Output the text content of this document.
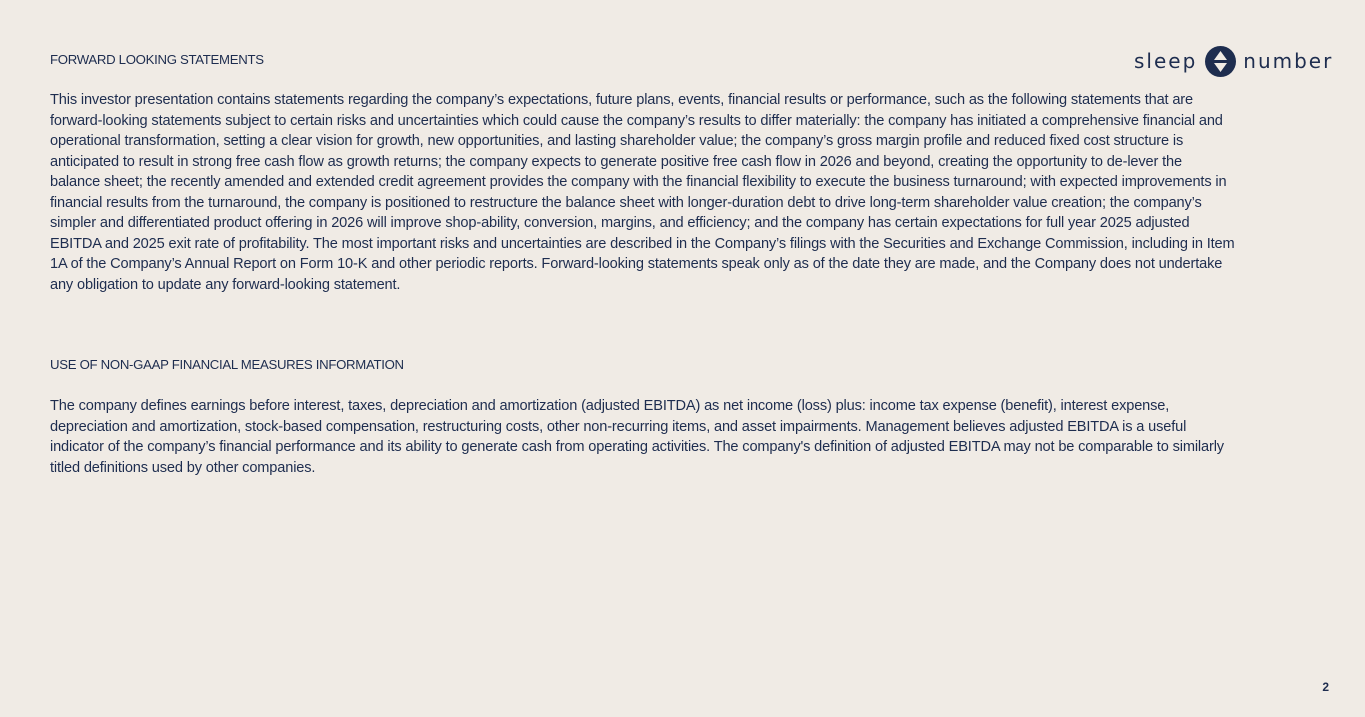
sleep number
FORWARD LOOKING STATEMENTS

This investor presentation contains statements regarding the company’s expectations, future plans, events, financial results or performance, such as the following statements that are forward-looking statements subject to certain risks and uncertainties which could cause the company’s results to differ materially: the company has initiated a comprehensive financial and operational transformation, setting a clear vision for growth, new opportunities, and lasting shareholder value; the company’s gross margin profile and reduced fixed cost structure is anticipated to result in strong free cash flow as growth returns; the company expects to generate positive free cash flow in 2026 and beyond, creating the opportunity to de-lever the balance sheet; the recently amended and extended credit agreement provides the company with the financial flexibility to execute the business turnaround; with expected improvements in financial results from the turnaround, the company is positioned to restructure the balance sheet with longer-duration debt to drive long-term shareholder value creation; the company’s simpler and differentiated product offering in 2026 will improve shop-ability, conversion, margins, and efficiency; and the company has certain expectations for full year 2025 adjusted EBITDA and 2025 exit rate of profitability. The most important risks and uncertainties are described in the Company’s filings with the Securities and Exchange Commission, including in Item 1A of the Company’s Annual Report on Form 10-K and other periodic reports. Forward-looking statements speak only as of the date they are made, and the Company does not undertake any obligation to update any forward-looking statement.

USE OF NON-GAAP FINANCIAL MEASURES INFORMATION

The company defines earnings before interest, taxes, depreciation and amortization (adjusted EBITDA) as net income (loss) plus: income tax expense (benefit), interest expense, depreciation and amortization, stock-based compensation, restructuring costs, other non-recurring items, and asset impairments. Management believes adjusted EBITDA is a useful indicator of the company’s financial performance and its ability to generate cash from operating activities. The company's definition of adjusted EBITDA may not be comparable to similarly titled definitions used by other companies.

2
